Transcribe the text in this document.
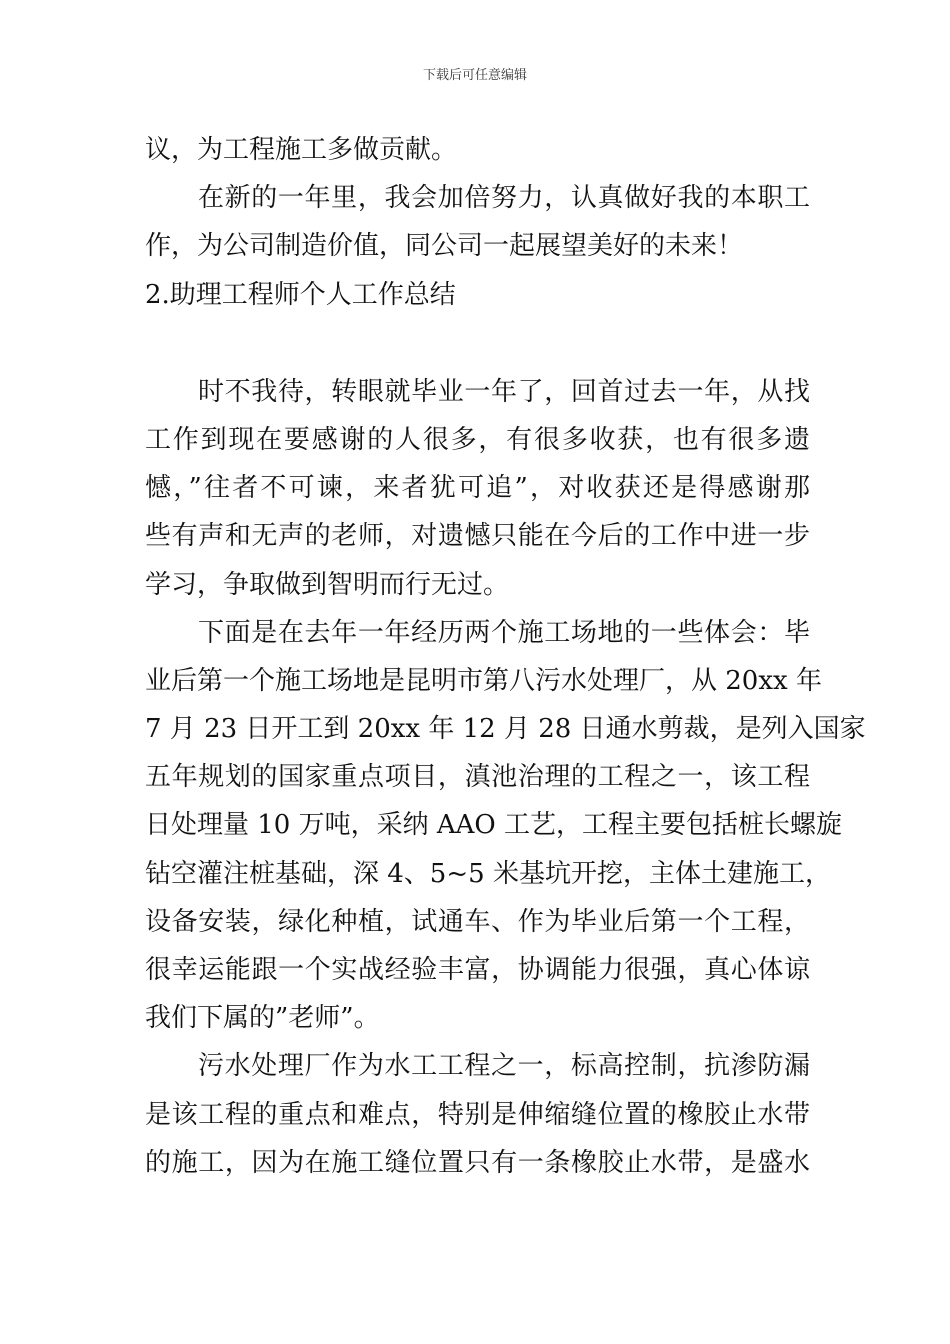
下载后可任意编辑
议，为工程施工多做贡献。
在新的一年里，我会加倍努力，认真做好我的本职工
作，为公司制造价值，同公司一起展望美好的未来！
2.助理工程师个人工作总结
时不我待，转眼就毕业一年了，回首过去一年，从找
工作到现在要感谢的人很多，有很多收获，也有很多遗
憾，”往者不可谏，来者犹可追”，对收获还是得感谢那
些有声和无声的老师，对遗憾只能在今后的工作中进一步
学习，争取做到智明而行无过。
下面是在去年一年经历两个施工场地的一些体会：毕
业后第一个施工场地是昆明市第八污水处理厂，从 20xx 年
7 月 23 日开工到 20xx 年 12 月 28 日通水剪裁，是列入国家
五年规划的国家重点项目，滇池治理的工程之一，该工程
日处理量 10 万吨，采纳 AAO 工艺，工程主要包括桩长螺旋
钻空灌注桩基础，深 4、5~5 米基坑开挖，主体土建施工，
设备安装，绿化种植，试通车、作为毕业后第一个工程，
很幸运能跟一个实战经验丰富，协调能力很强，真心体谅
我们下属的”老师”。
污水处理厂作为水工工程之一，标高控制，抗渗防漏
是该工程的重点和难点，特别是伸缩缝位置的橡胶止水带
的施工，因为在施工缝位置只有一条橡胶止水带，是盛水
